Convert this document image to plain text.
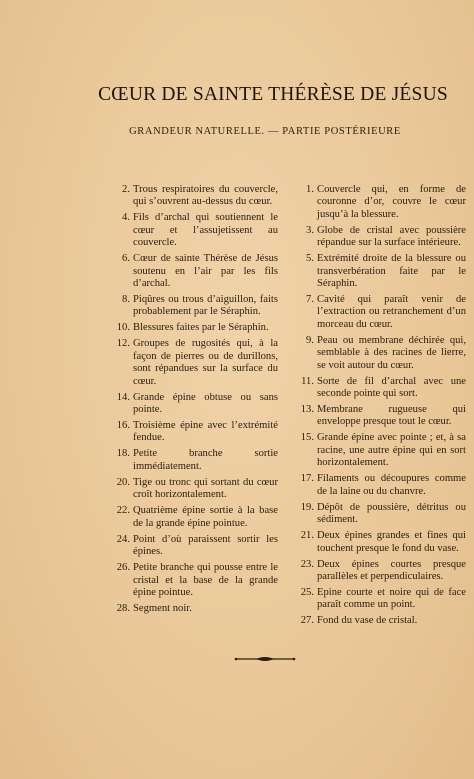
CŒUR DE SAINTE THÉRÈSE DE JÉSUS
GRANDEUR NATURELLE. — PARTIE POSTÉRIEURE
2. Trous respiratoires du couvercle, qui s’ouvrent au-dessus du cœur.
4. Fils d’archal qui soutiennent le cœur et l’assujetissent au couvercle.
6. Cœur de sainte Thérèse de Jésus soutenu en l’air par les fils d’archal.
8. Piqûres ou trous d’aiguillon, faits probablement par le Séraphin.
10. Blessures faites par le Séraphin.
12. Groupes de rugosités qui, à la façon de pierres ou de durillons, sont répandues sur la surface du cœur.
14. Grande épine obtuse ou sans pointe.
16. Troisième épine avec l’extrémité fendue.
18. Petite branche sortie immédiatement.
20. Tige ou tronc qui sortant du cœur croît horizontalement.
22. Quatrième épine sortie à la base de la grande épine pointue.
24. Point d’où paraissent sortir les épines.
26. Petite branche qui pousse entre le cristal et la base de la grande épine pointue.
28. Segment noir.
1. Couvercle qui, en forme de couronne d’or, couvre le cœur jusqu’à la blessure.
3. Globe de cristal avec poussière répandue sur la surface intérieure.
5. Extrémité droite de la blessure ou transverbération faite par le Séraphin.
7. Cavité qui paraît venir de l’extraction ou retranchement d’un morceau du cœur.
9. Peau ou membrane déchirée qui, semblable à des racines de lierre, se voit autour du cœur.
11. Sorte de fil d’archal avec une seconde pointe qui sort.
13. Membrane rugueuse qui enveloppe presque tout le cœur.
15. Grande épine avec pointe ; et, à sa racine, une autre épine qui en sort horizontalement.
17. Filaments ou découpures comme de la laine ou du chanvre.
19. Dépôt de poussière, détritus ou sédiment.
21. Deux épines grandes et fines qui touchent presque le fond du vase.
23. Deux épines courtes presque parallèles et perpendiculaires.
25. Epine courte et noire qui de face paraît comme un point.
27. Fond du vase de cristal.
